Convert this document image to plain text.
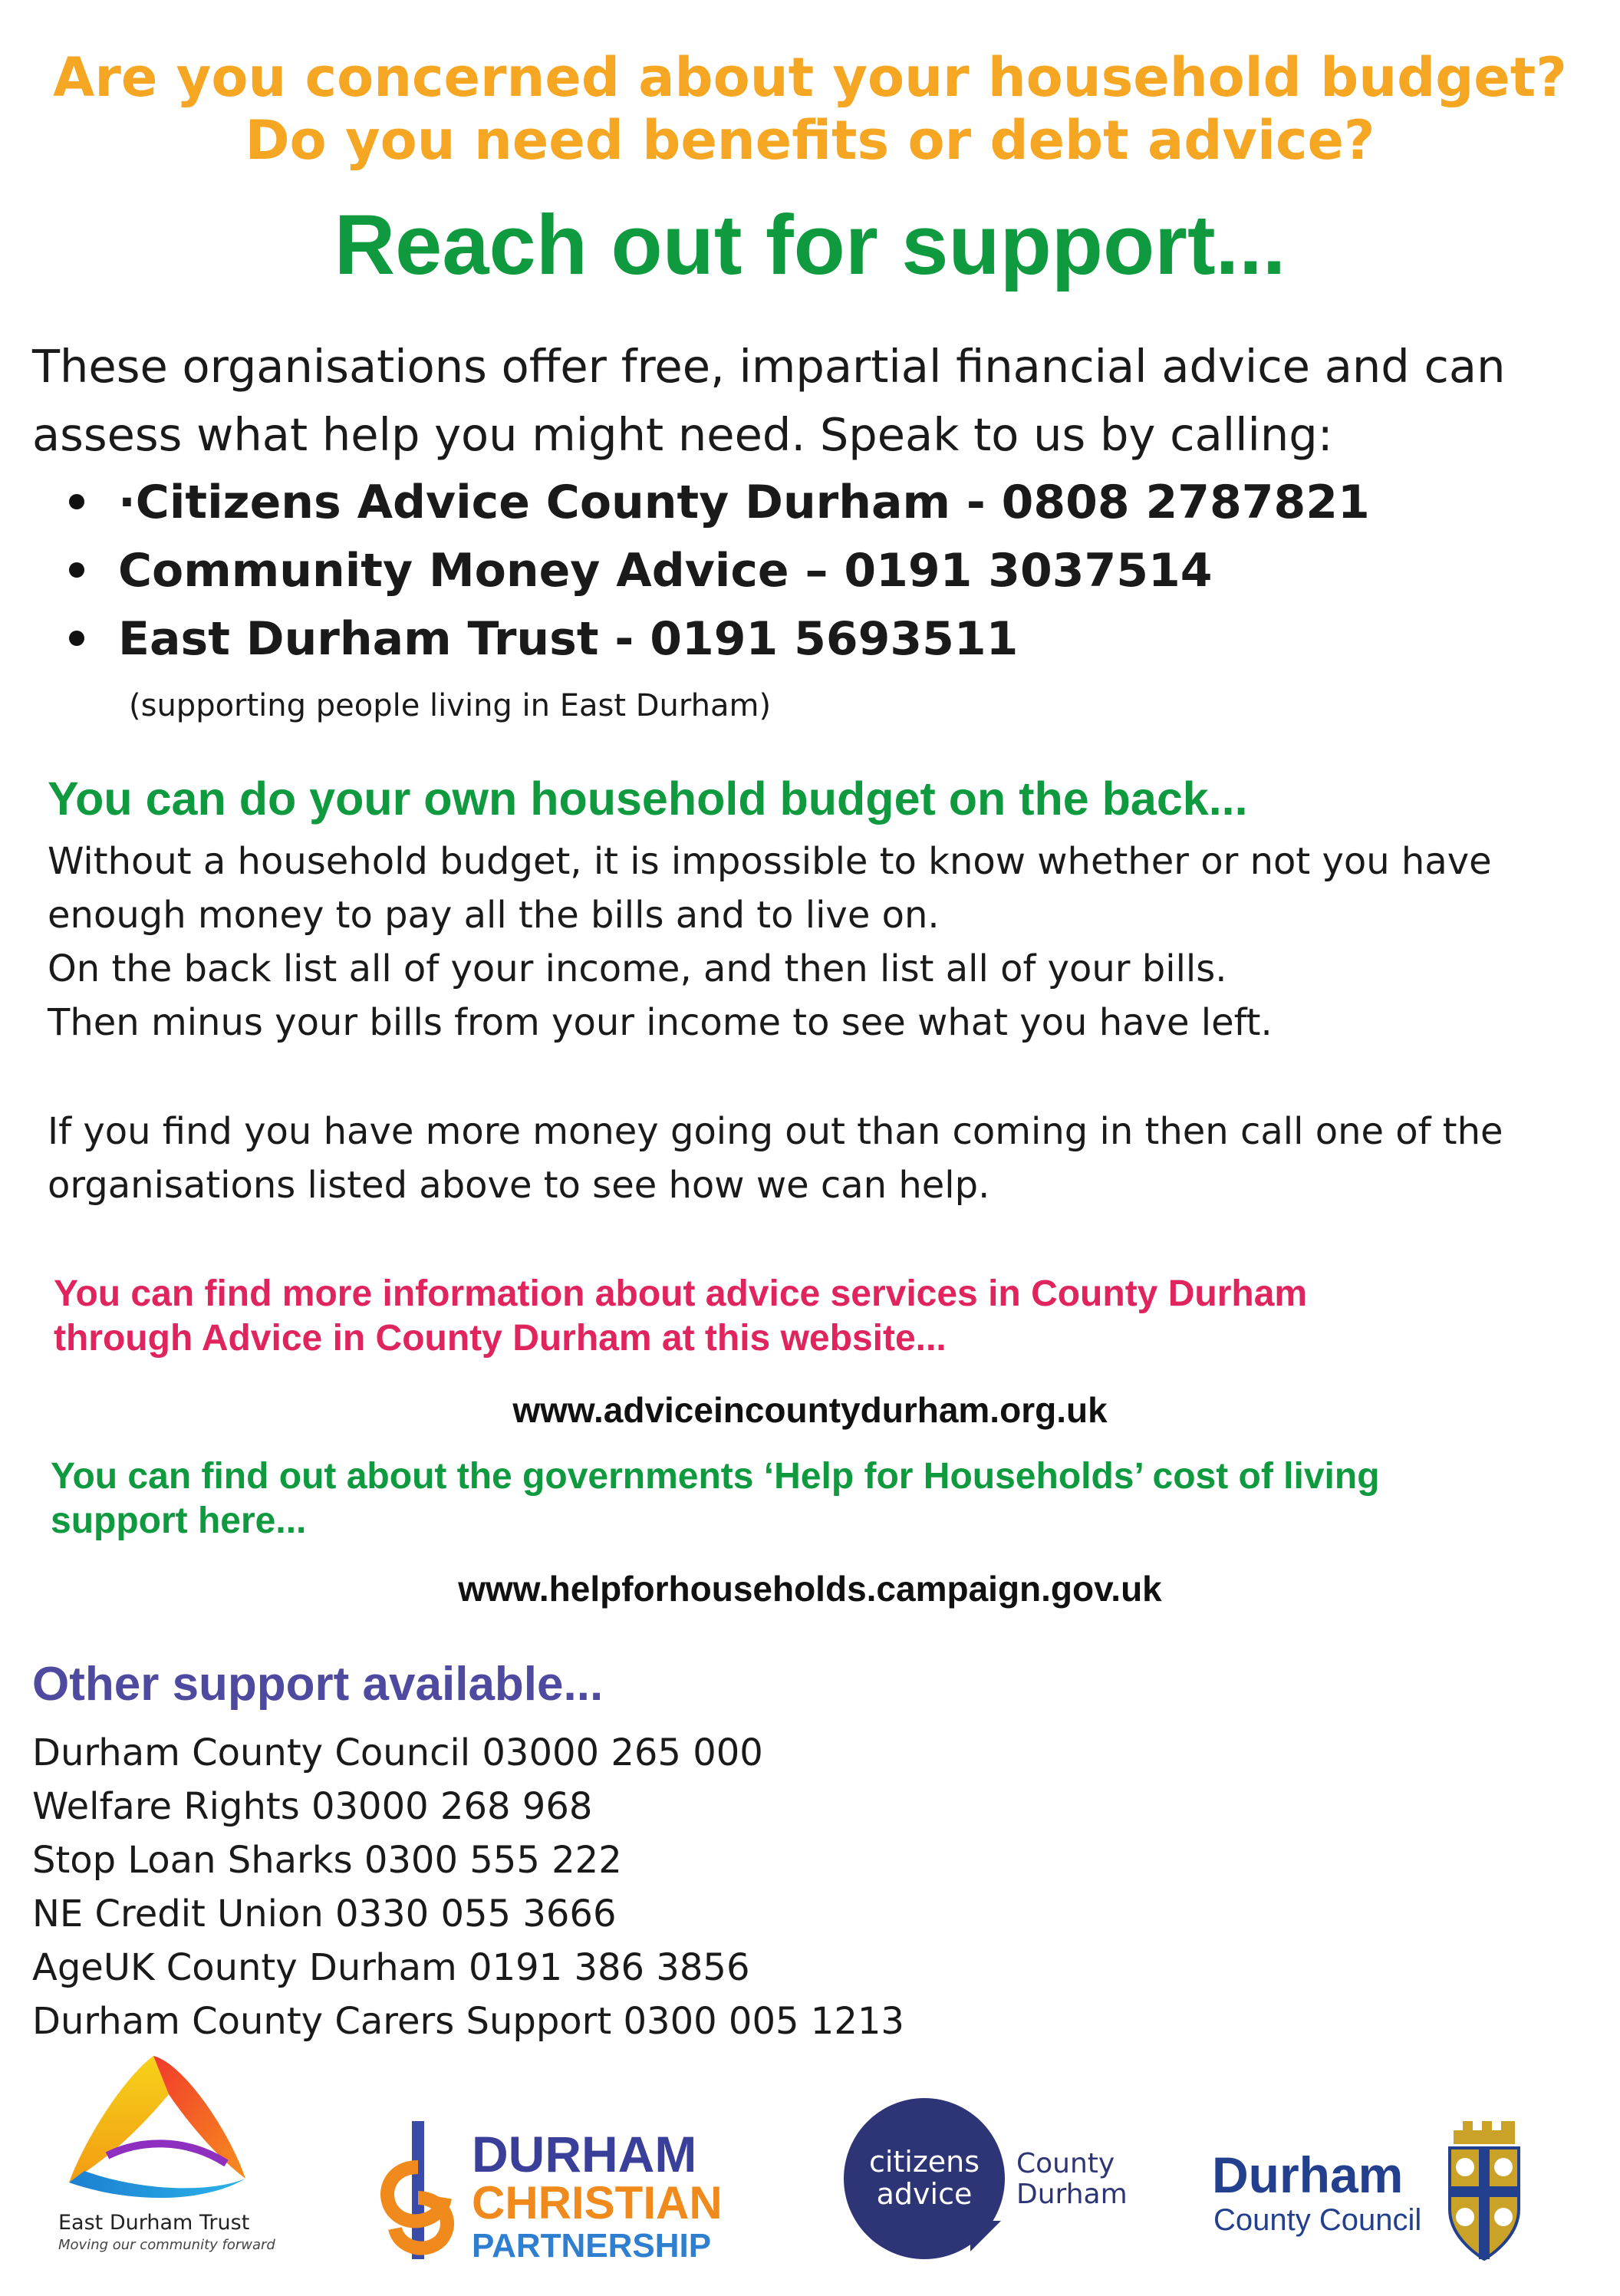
Are you concerned about your household budget?
Do you need benefits or debt advice?
Reach out for support...
These organisations offer free, impartial financial advice and can
assess what help you might need. Speak to us by calling:
·Citizens Advice County Durham - 0808 2787821
Community Money Advice – 0191 3037514
East Durham Trust - 0191 5693511
(supporting people living in East Durham)
You can do your own household budget on the back...
Without a household budget, it is impossible to know whether or not you have
enough money to pay all the bills and to live on.
On the back list all of your income, and then list all of your bills.
Then minus your bills from your income to see what you have left.
If you find you have more money going out than coming in then call one of the
organisations listed above to see how we can help.
You can find more information about advice services in County Durham
through Advice in County Durham at this website...
www.adviceincountydurham.org.uk
You can find out about the governments ‘Help for Households’ cost of living
support here...
www.helpforhouseholds.campaign.gov.uk
Other support available...
Durham County Council 03000 265 000
Welfare Rights 03000 268 968
Stop Loan Sharks 0300 555 222
NE Credit Union 0330 055 3666
AgeUK County Durham 0191 386 3856
Durham County Carers Support 0300 005 1213
East Durham Trust
Moving our community forward
DURHAM
CHRISTIAN
PARTNERSHIP
citizens
advice
County
Durham Durham
County Council
